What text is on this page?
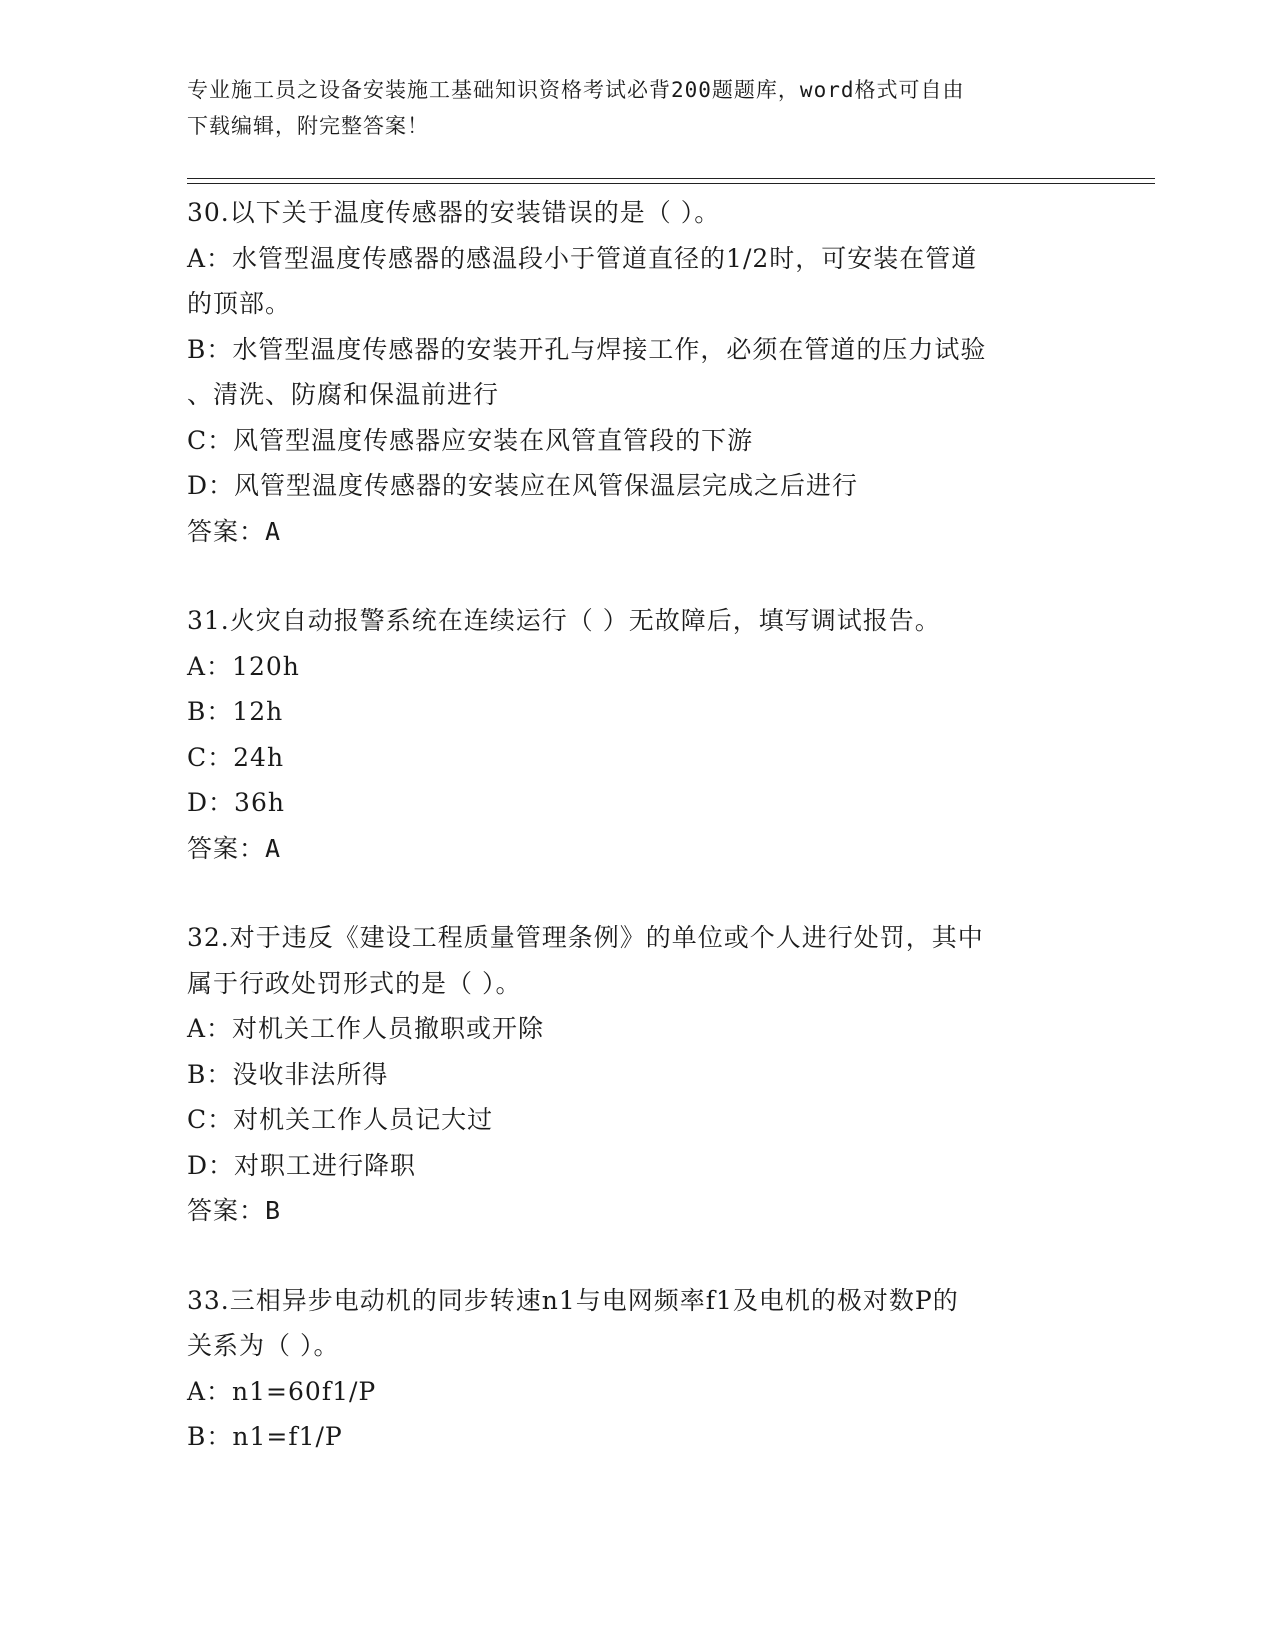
专业施工员之设备安装施工基础知识资格考试必背200题题库，word格式可自由
下载编辑，附完整答案！
30.以下关于温度传感器的安装错误的是（ ）。
A：水管型温度传感器的感温段小于管道直径的1/2时，可安装在管道
的顶部。
B：水管型温度传感器的安装开孔与焊接工作，必须在管道的压力试验
、清洗、防腐和保温前进行
C：风管型温度传感器应安装在风管直管段的下游
D：风管型温度传感器的安装应在风管保温层完成之后进行
答案：A
31.火灾自动报警系统在连续运行（ ）无故障后，填写调试报告。
A：120h
B：12h
C：24h
D：36h
答案：A
32.对于违反《建设工程质量管理条例》的单位或个人进行处罚，其中
属于行政处罚形式的是（ ）。
A：对机关工作人员撤职或开除
B：没收非法所得
C：对机关工作人员记大过
D：对职工进行降职
答案：B
33.三相异步电动机的同步转速n1与电网频率f1及电机的极对数P的
关系为（ ）。
A：n1=60f1/P
B：n1=f1/P
